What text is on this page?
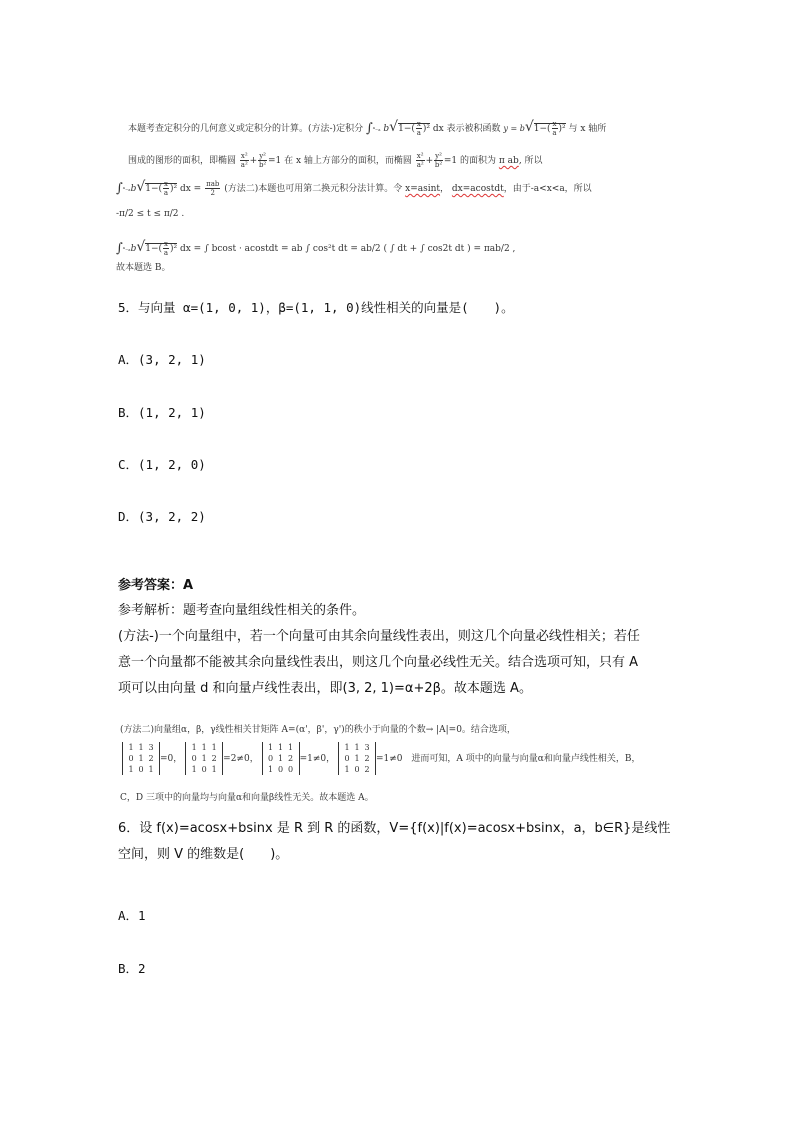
本题考查定积分的几何意义或定积分的计算。(方法-)定积分 ∫ᵃ₋ₐ $b√1-( \frac{x}{a} )^2$ dx 表示被积函数 $y = b√1-( \frac{x}{a} )^2$ 与 x 轴所
围成的图形的面积，即椭圆 $\frac{\text{x²}}{\text{a²}} + \frac{\text{y²}}{\text{b²}} =1$ 在 x 轴上方部分的面积，而椭圆 $\frac{\text{x²}}{\text{a²}} + \frac{\text{y²}}{\text{b²}} =1$ 的面积为 π ab, 所以
∫ᵃ₋ₐb√1−( $\frac{x}{a} )^2$ dx = $\frac{\text{πab}}{2}$ (方法二)本题也可用第二换元积分法计算。令 x=asint， dx=acostdt，由于-a<x<a，所以
-π/2 ≤ t ≤ π/2 .
∫ᵃ₋ₐb√1−( $\frac{x}{a} )^2$ dx = ∫ bcost · acostdt = ab ∫ cos²t dt = ab/2 ( ∫ dt + ∫ cos2t dt ) = πab/2 ,
故本题选 B。
5．与向量 α=(1, 0, 1)，β=(1, 1, 0)线性相关的向量是(　　)。
A．(3, 2, 1)
B．(1, 2, 1)
C．(1, 2, 0)
D．(3, 2, 2)
参考答案：A
参考解析：题考查向量组线性相关的条件。
(方法-)一个向量组中，若一个向量可由其余向量线性表出，则这几个向量必线性相关；若任
意一个向量都不能被其余向量线性表出，则这几个向量必线性无关。结合选项可知，只有 A
项可以由向量 d 和向量卢线性表出，即(3, 2, 1)=α+2β。故本题选 A。
(方法二)向量组α，β，γ线性相关甘矩阵 A=(α'，β'，γ')的秩小于向量的个数→ |A|=0。结合选项，
1 1 3
0 1 2
1 0 1
=0，
1 1 1
0 1 2
1 0 1
=2≠0，
1 1 1
0 1 2
1 0 0
=1≠0，
1 1 3
0 1 2
1 0 2
=1≠0 进而可知，A 项中的向量与向量α和向量卢线性相关，B，
C，D 三项中的向量均与向量α和向量β线性无关。故本题选 A。
6．设 f(x)=acosx+bsinx 是 R 到 R 的函数，V={f(x)|f(x)=acosx+bsinx，a，b∈R}是线性
空间，则 V 的维数是(　　)。
A．1
B．2
